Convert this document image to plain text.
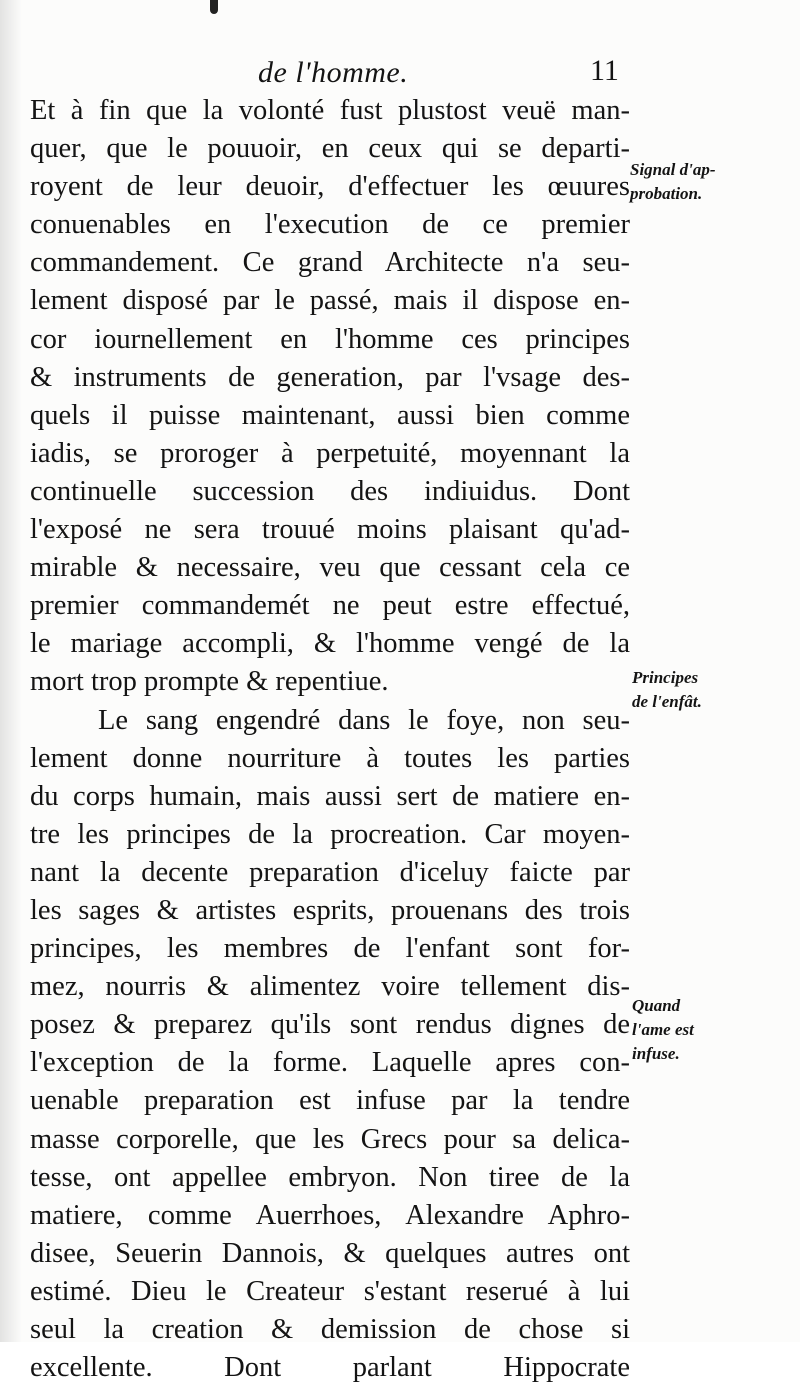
de l'homme.	11
Et à fin que la volonté fust plustost veuë man-
quer, que le pouuoir, en ceux qui se departi-
royent de leur deuoir, d'effectuer les œuures
conuenables en l'execution de ce premier
commandement. Ce grand Architecte n'a seu-
lement disposé par le passé, mais il dispose en-
cor iournellement en l'homme ces principes
& instruments de generation, par l'vsage des-
quels il puisse maintenant, aussi bien comme
iadis, se proroger à perpetuité, moyennant la
continuelle succession des indiuidus. Dont
l'exposé ne sera trouué moins plaisant qu'ad-
mirable & necessaire, veu que cessant cela ce
premier commandemét ne peut estre effectué,
le mariage accompli, & l'homme vengé de la
mort trop prompte & repentiue.
Le sang engendré dans le foye, non seu-
lement donne nourriture à toutes les parties
du corps humain, mais aussi sert de matiere en-
tre les principes de la procreation. Car moyen-
nant la decente preparation d'iceluy faicte par
les sages & artistes esprits, prouenans des trois
principes, les membres de l'enfant sont for-
mez, nourris & alimentez voire tellement dis-
posez & preparez qu'ils sont rendus dignes de
l'exception de la forme. Laquelle apres con-
uenable preparation est infuse par la tendre
masse corporelle, que les Grecs pour sa delica-
tesse, ont appellee embryon. Non tiree de la
matiere, comme Auerrhoes, Alexandre Aphro-
disee, Seuerin Dannois, & quelques autres ont
estimé. Dieu le Createur s'estant reserué à lui
seul la creation & demission de chose si
excellente. Dont parlant Hippocrate
Signal d'ap-
probation.
Principes
de l'enfât.
Quand
l'ame est
infuse.
